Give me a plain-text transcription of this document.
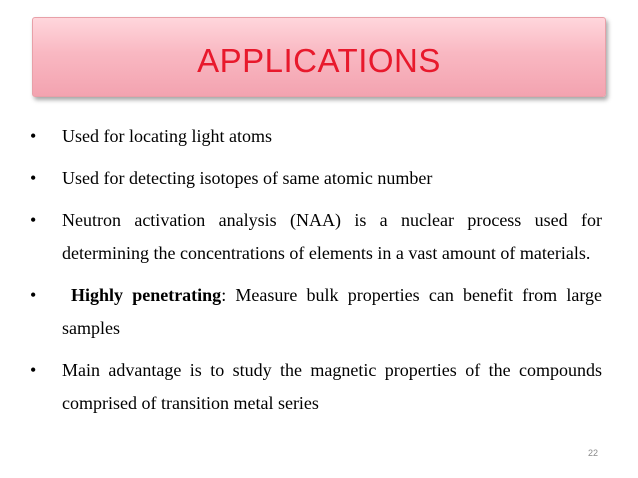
APPLICATIONS
• Used for locating light atoms
• Used for detecting isotopes of same atomic number
• Neutron activation analysis (NAA) is a nuclear process used for determining the concentrations of elements in a vast amount of materials.
• Highly penetrating: Measure bulk properties can benefit from large samples
• Main advantage is to study the magnetic properties of the compounds comprised of transition metal series
22
